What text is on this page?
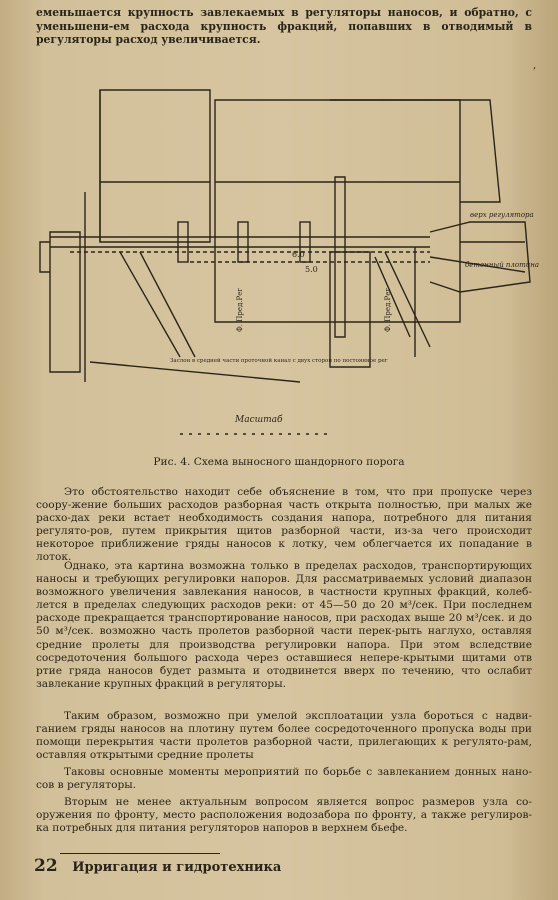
еменьшается крупность завлекаемых в регуляторы наносов, и обратно, с уменьшени-ем расхода крупность фракций, попавших в отводимый в регуляторы расход увеличивается.

,
Масштаб
верх регулятора
бетонный плотина
6.0
5.0
Заслон в средней части проточной канал с двух сторон по постоянное рег
Ф. Пред.Рег	Ф. Пред.Рег
Рис. 4. Схема выносного шандорного порога

Это обстоятельство находит себе объяснение в том, что при пропуске через соору-жение больших расходов разборная часть открыта полностью, при малых же расхо-дах реки встает необходимость создания напора, потребного для питания регулято-ров, путем прикрытия щитов разборной части, из-за чего происходит некоторое приближение гряды наносов к лотку, чем облегчается их попадание в лоток.

Однако, эта картина возможна только в пределах расходов, транспортирующих наносы и требующих регулировки напоров. Для рассматриваемых условий диапазон возможного увеличения завлекания наносов, в частности крупных фракций, колеб-лется в пределах следующих расходов реки: от 45—50 до 20 м³/сек. При последнем расходе прекращается транспортирование наносов, при расходах выше 20 м³/сек. и до 50 м³/сек. возможно часть пролетов разборной части перек-рыть наглухо, оставляя средние пролеты для производства регулировки напора. При этом вследствие сосредоточения большого расхода через оставшиеся непере-крытыми щитами отв ртие грядa наносов будет размыта и отодвинется вверх по течению, что ослабит завлекание крупных фракций в регуляторы.

Таким образом, возможно при умелой эксплоатации узла бороться с надви-ганием гряды наносов на плотину путем более сосредоточенного пропуска воды при помощи перекрытия части пролетов разборной части, прилегающих к регулято-рам, оставляя открытыми средние пролеты

Таковы основные моменты мероприятий по борьбе с завлеканием донных нано-сов в регуляторы.

Вторым не менее актуальным вопросом является вопрос размеров узла со-оружения по фронту, место расположения водозабора по фронту, а также регулиров-ка потребных для питания регуляторов напоров в верхнем бьефе.

22 Ирригация и гидротехника
